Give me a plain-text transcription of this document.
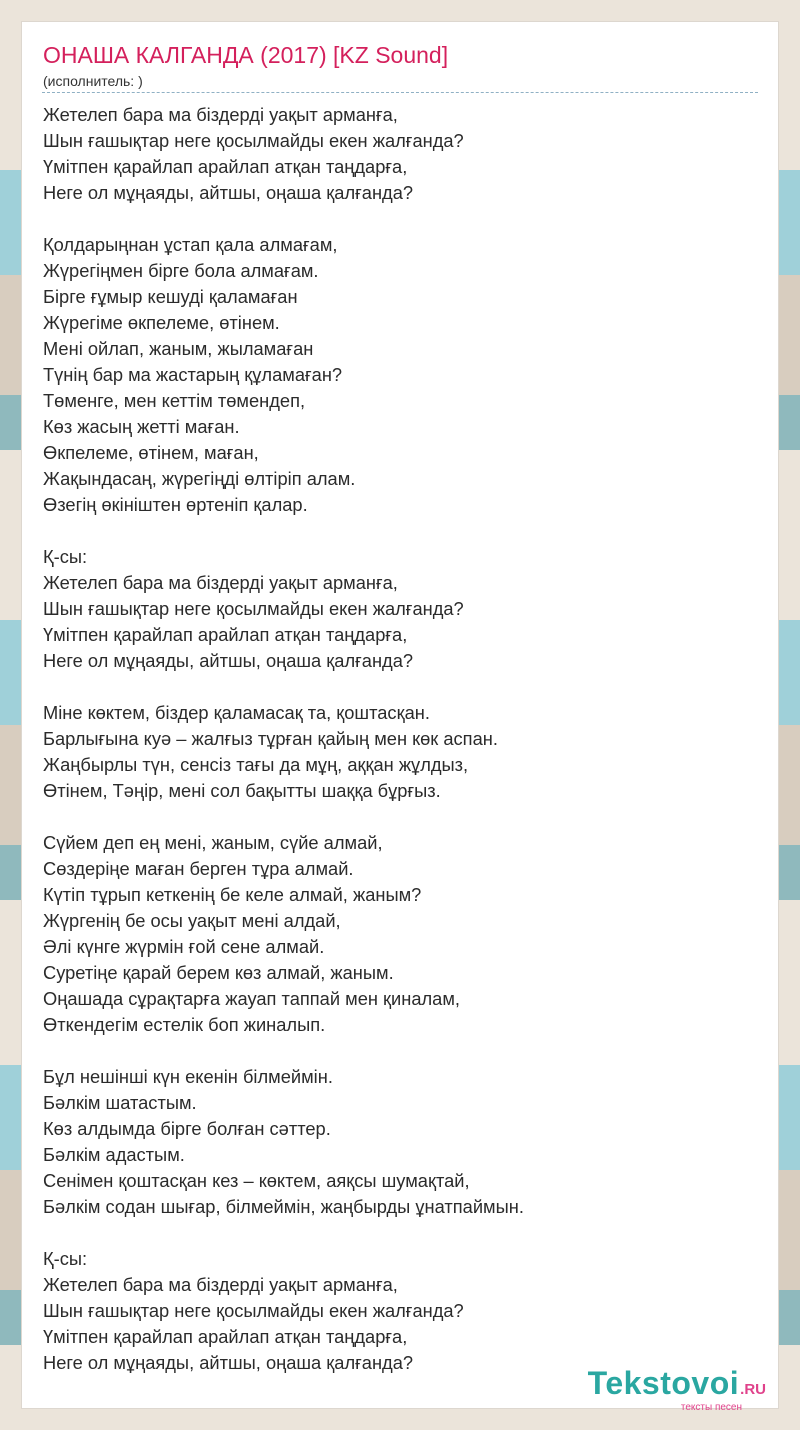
ОНАША КАЛГАНДА (2017) [KZ Sound]
(исполнитель: )
Жетелеп бара ма біздерді уақыт арманға,
Шын ғашықтар неге қосылмайды екен жалғанда?
Үмітпен қарайлап арайлап атқан таңдарға,
Неге ол мұңаяды, айтшы, оңаша қалғанда?
Қолдарыңнан ұстап қала алмағам,
Жүрегіңмен бірге бола алмағам.
Бірге ғұмыр кешуді қаламаған
Жүрегіме өкпелеме, өтінем.
Мені ойлап, жаным, жыламаған
Түнің бар ма жастарың құламаған?
Төменге, мен кеттім төмендеп,
Көз жасың жетті маған.
Өкпелеме, өтінем, маған,
Жақындасаң, жүрегіңді өлтіріп алам.
Өзегің өкініштен өртеніп қалар.
Қ-сы:
Жетелеп бара ма біздерді уақыт арманға,
Шын ғашықтар неге қосылмайды екен жалғанда?
Үмітпен қарайлап арайлап атқан таңдарға,
Неге ол мұңаяды, айтшы, оңаша қалғанда?
Міне көктем, біздер қаламасақ та, қоштасқан.
Барлығына куә – жалғыз тұрған қайың мен көк аспан.
Жаңбырлы түн, сенсіз тағы да мұң, аққан жұлдыз,
Өтінем, Тәңір, мені сол бақытты шаққа бұрғыз.
Сүйем деп ең мені, жаным, сүйе алмай,
Сөздеріңе маған берген тұра алмай.
Күтіп тұрып кеткенің бе келе алмай, жаным?
Жүргенің бе осы уақыт мені алдай,
Әлі күнге жүрмін ғой сене алмай.
Суретіңе қарай берем көз алмай, жаным.
Оңашада сұрақтарға жауап таппай мен қиналам,
Өткендегім естелік боп жиналып.
Бұл нешінші күн екенін білмеймін.
Бәлкім шатастым.
Көз алдымда бірге болған сәттер.
Бәлкім адастым.
Сенімен қоштасқан кез – көктем, аяқсы шумақтай,
Бәлкім содан шығар, білмеймін, жаңбырды ұнатпаймын.
Қ-сы:
Жетелеп бара ма біздерді уақыт арманға,
Шын ғашықтар неге қосылмайды екен жалғанда?
Үмітпен қарайлап арайлап атқан таңдарға,
Неге ол мұңаяды, айтшы, оңаша қалғанда?
Tekstovoi.RU
тексты песен
